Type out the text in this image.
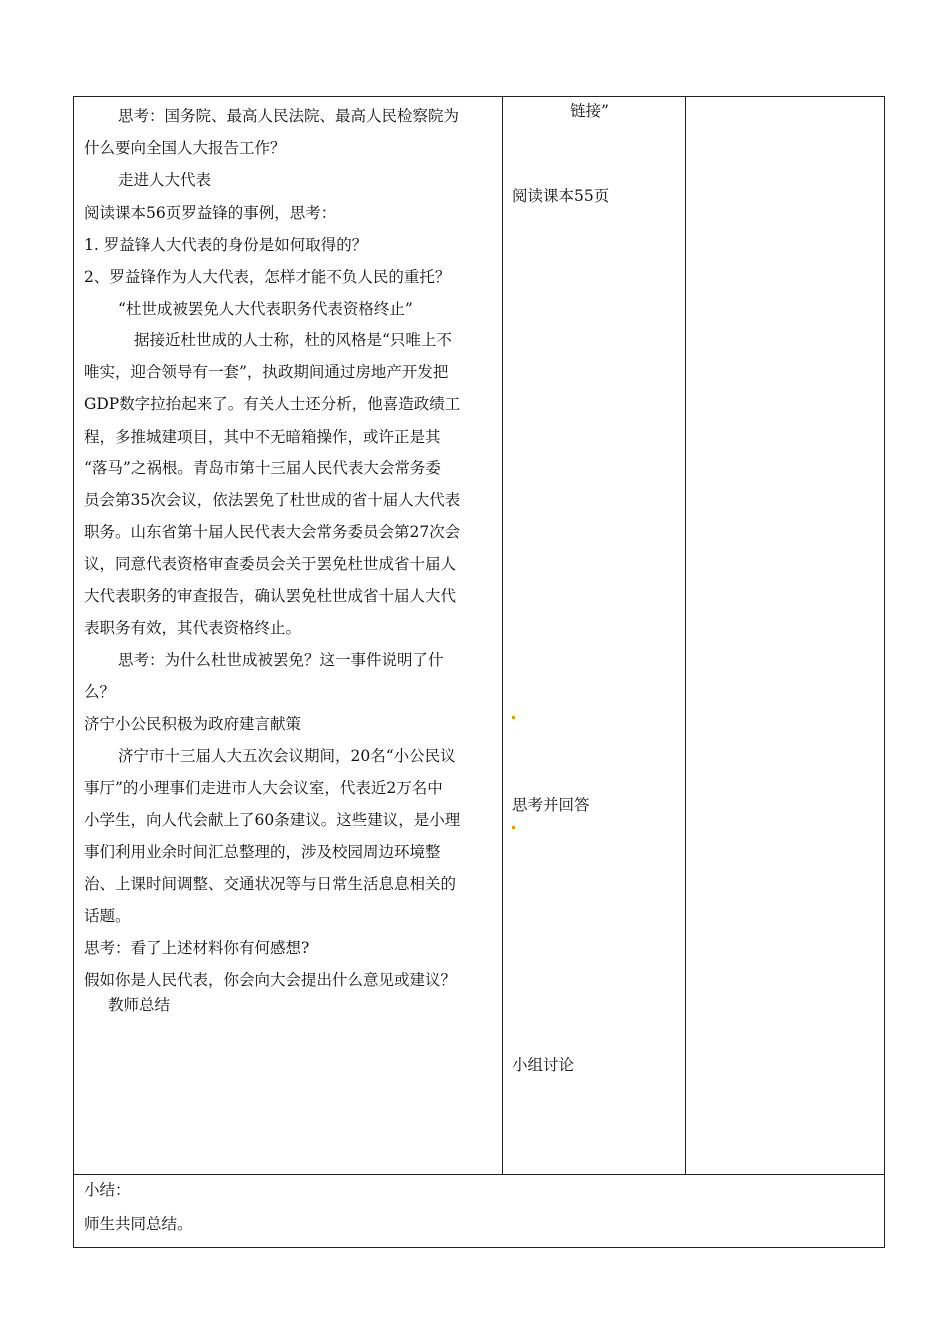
思考：国务院、最高人民法院、最高人民检察院为
什么要向全国人大报告工作？
走进人大代表
阅读课本56页罗益锋的事例，思考：
1. 罗益锋人大代表的身份是如何取得的？
2、罗益锋作为人大代表，怎样才能不负人民的重托？
“杜世成被罢免人大代表职务代表资格终止”
据接近杜世成的人士称，杜的风格是“只唯上不
唯实，迎合领导有一套”，执政期间通过房地产开发把
GDP数字拉抬起来了。有关人士还分析，他喜造政绩工
程，多推城建项目，其中不无暗箱操作，或许正是其
“落马”之祸根。青岛市第十三届人民代表大会常务委
员会第35次会议，依法罢免了杜世成的省十届人大代表
职务。山东省第十届人民代表大会常务委员会第27次会
议，同意代表资格审查委员会关于罢免杜世成省十届人
大代表职务的审查报告，确认罢免杜世成省十届人大代
表职务有效，其代表资格终止。
思考：为什么杜世成被罢免？这一事件说明了什
么？
济宁小公民积极为政府建言献策
济宁市十三届人大五次会议期间，20名“小公民议
事厅”的小理事们走进市人大会议室，代表近2万名中
小学生，向人代会献上了60条建议。这些建议，是小理
事们利用业余时间汇总整理的，涉及校园周边环境整
治、上课时间调整、交通状况等与日常生活息息相关的
话题。
思考：看了上述材料你有何感想?
假如你是人民代表，你会向大会提出什么意见或建议？
教师总结
链接”
阅读课本55页
思考并回答
小组讨论
小结：
师生共同总结。
